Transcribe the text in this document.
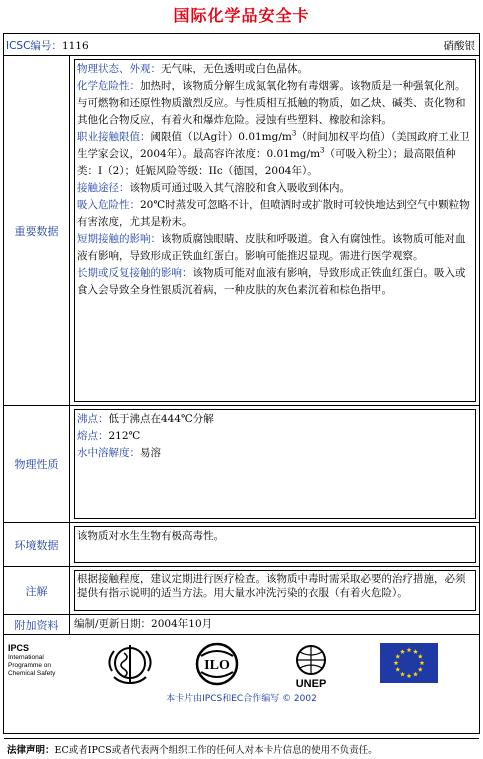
国际化学品安全卡
ICSC编号：1116	硝酸银
重要数据

物理状态、外观：无气味，无色透明或白色晶体。

化学危险性：加热时，该物质分解生成氮氧化物有毒烟雾。该物质是一种强氧化剂。与可燃物和还原性物质激烈反应。与性质相互抵触的物质，如乙炔、碱类、责化物和其他化合物反应，有着火和爆炸危险。浸蚀有些塑料、橡胶和涂料。

职业接触限值：阈限值（以Ag计）$0.01mg/m^3$（时间加权平均值）（美国政府工业卫生学家会议，2004年）。最高容许浓度：$0.01mg/m^3$（可吸入粉尘）；最高限值种类：I（2）；妊娠风险等级：IIc（德国，2004年）。

接触途径：该物质可通过吸入其气溶胶和食入吸收到体内。

吸入危险性：20℃时蒸发可忽略不计，但喷洒时或扩散时可较快地达到空气中颗粒物有害浓度，尤其是粉末。

短期接触的影响：该物质腐蚀眼睛、皮肤和呼吸道。食入有腐蚀性。该物质可能对血液有影响，导致形成正铁血红蛋白。影响可能推迟显现。需进行医学观察。

长期或反复接触的影响：该物质可能对血液有影响，导致形成正铁血红蛋白。吸入或食入会导致全身性银质沉着病，一种皮肤的灰色素沉着和棕色指甲。

物理性质

沸点：低于沸点在444℃分解

熔点：212℃

水中溶解度：易溶

环境数据
该物质对水生生物有极高毒性。
注解
根据接触程度，建议定期进行医疗检查。该物质中毒时需采取必要的治疗措施，必须提供有指示说明的适当方法。用大量水冲洗污染的衣服（有着火危险）。
附加资料	编制/更新日期：2004年10月
IPCS
International
Programme on
Chemical Safety
ILO
UNEP
本卡片由IPCS和EC合作编写 © 2002
法律声明：EC或者IPCS或者代表两个组织工作的任何人对本卡片信息的使用不负责任。
